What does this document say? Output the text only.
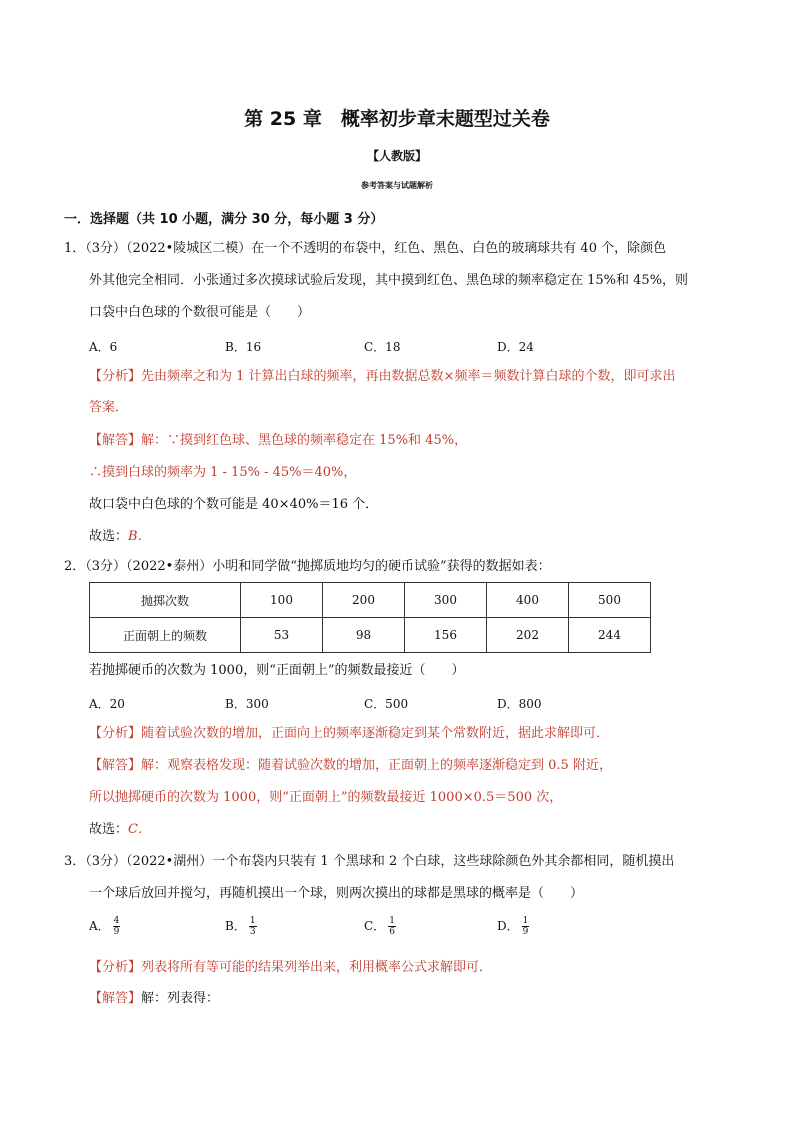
第 25 章　概率初步章末题型过关卷
【人教版】
参考答案与试题解析
一．选择题（共 10 小题，满分 30 分，每小题 3 分）
1．（3分）（2022•陵城区二模）在一个不透明的布袋中，红色、黑色、白色的玻璃球共有 40 个，除颜色
外其他完全相同．小张通过多次摸球试验后发现，其中摸到红色、黑色球的频率稳定在 15%和 45%，则
口袋中白色球的个数很可能是（　　）
A．6	B．16	C．18	D．24
【分析】先由频率之和为 1 计算出白球的频率，再由数据总数×频率＝频数计算白球的个数，即可求出
答案．
【解答】解：∵摸到红色球、黑色球的频率稳定在 15%和 45%，
∴摸到白球的频率为 1 - 15% - 45%＝40%，
故口袋中白色球的个数可能是 40×40%＝16 个．
故选：B．
2．（3分）（2022•泰州）小明和同学做“抛掷质地均匀的硬币试验”获得的数据如表：
抛掷次数	100	200	300	400	500
正面朝上的频数	53	98	156	202	244
若抛掷硬币的次数为 1000，则“正面朝上”的频数最接近（　　）
A．20	B．300	C．500	D．800
【分析】随着试验次数的增加，正面向上的频率逐渐稳定到某个常数附近，据此求解即可．
【解答】解：观察表格发现：随着试验次数的增加，正面朝上的频率逐渐稳定到 0.5 附近，
所以抛掷硬币的次数为 1000，则“正面朝上”的频数最接近 1000×0.5＝500 次，
故选：C．
3．（3分）（2022•湖州）一个布袋内只装有 1 个黑球和 2 个白球，这些球除颜色外其余都相同，随机摸出
一个球后放回并搅匀，再随机摸出一个球，则两次摸出的球都是黑球的概率是（　　）
A． $\frac{4}{9}$	B． $\frac{1}{3}$	C． $\frac{1}{6}$	D． $\frac{1}{9}$
【分析】列表将所有等可能的结果列举出来，利用概率公式求解即可．
【解答】解：列表得：
